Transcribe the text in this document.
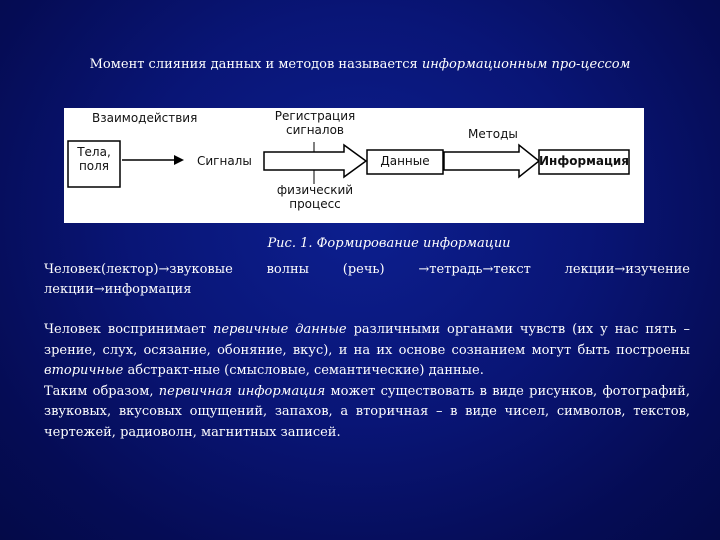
Момент слияния данных и методов называется информационным про-цессом
Взаимодействия
Тела,
поля	Сигналы
Регистрация
сигналов
физический
процесс
Данные
Методы
Информация
Рис. 1. Формирование информации
Человек(лектор)→звуковые	волны	(речь)	→тетрадь→текст	лекции→изучение
лекции→информация

Человек воспринимает первичные данные различными органами чувств (их у нас пять – зрение, слух, осязание, обоняние, вкус), и на их основе сознанием могут быть построены вторичные абстракт-ные (смысловые, семантические) данные.

Таким образом, первичная информация может существовать в виде рисунков, фотографий, звуковых, вкусовых ощущений, запахов, а вторичная – в виде чисел, символов, текстов, чертежей, радиоволн, магнитных записей.
